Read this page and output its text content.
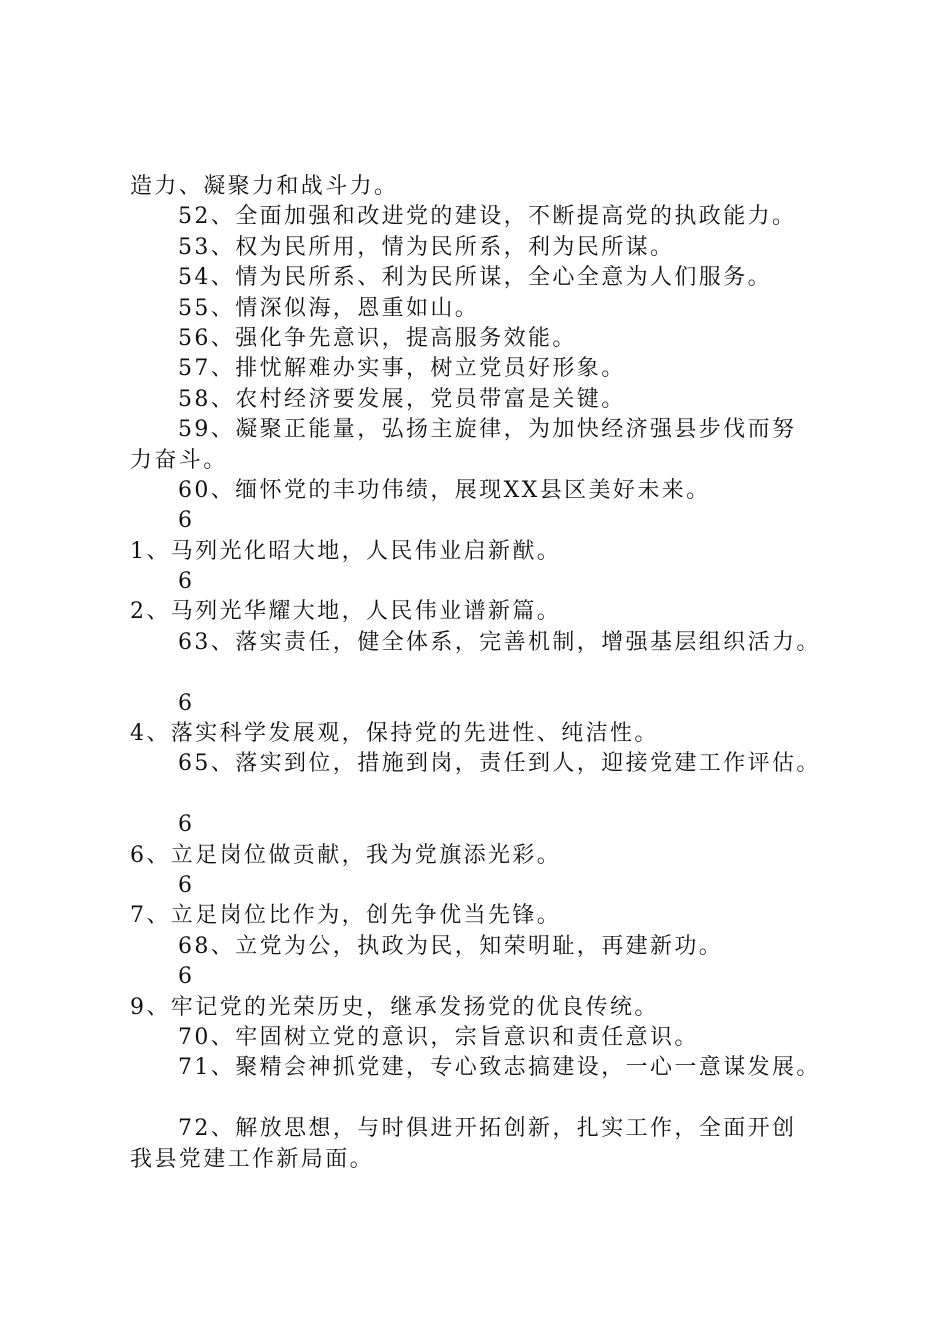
造力、凝聚力和战斗力。
52、全面加强和改进党的建设，不断提高党的执政能力。
53、权为民所用，情为民所系，利为民所谋。
54、情为民所系、利为民所谋，全心全意为人们服务。
55、情深似海，恩重如山。
56、强化争先意识，提高服务效能。
57、排忧解难办实事，树立党员好形象。
58、农村经济要发展，党员带富是关键。
59、凝聚正能量，弘扬主旋律，为加快经济强县步伐而努
力奋斗。
60、缅怀党的丰功伟绩，展现XX县区美好未来。
6
1、马列光化昭大地，人民伟业启新猷。
6
2、马列光华耀大地，人民伟业谱新篇。
63、落实责任，健全体系，完善机制，增强基层组织活力。
6
4、落实科学发展观，保持党的先进性、纯洁性。
65、落实到位，措施到岗，责任到人，迎接党建工作评估。
6
6、立足岗位做贡献，我为党旗添光彩。
6
7、立足岗位比作为，创先争优当先锋。
68、立党为公，执政为民，知荣明耻，再建新功。
6
9、牢记党的光荣历史，继承发扬党的优良传统。
70、牢固树立党的意识，宗旨意识和责任意识。
71、聚精会神抓党建，专心致志搞建设，一心一意谋发展。
72、解放思想，与时俱进开拓创新，扎实工作，全面开创
我县党建工作新局面。
